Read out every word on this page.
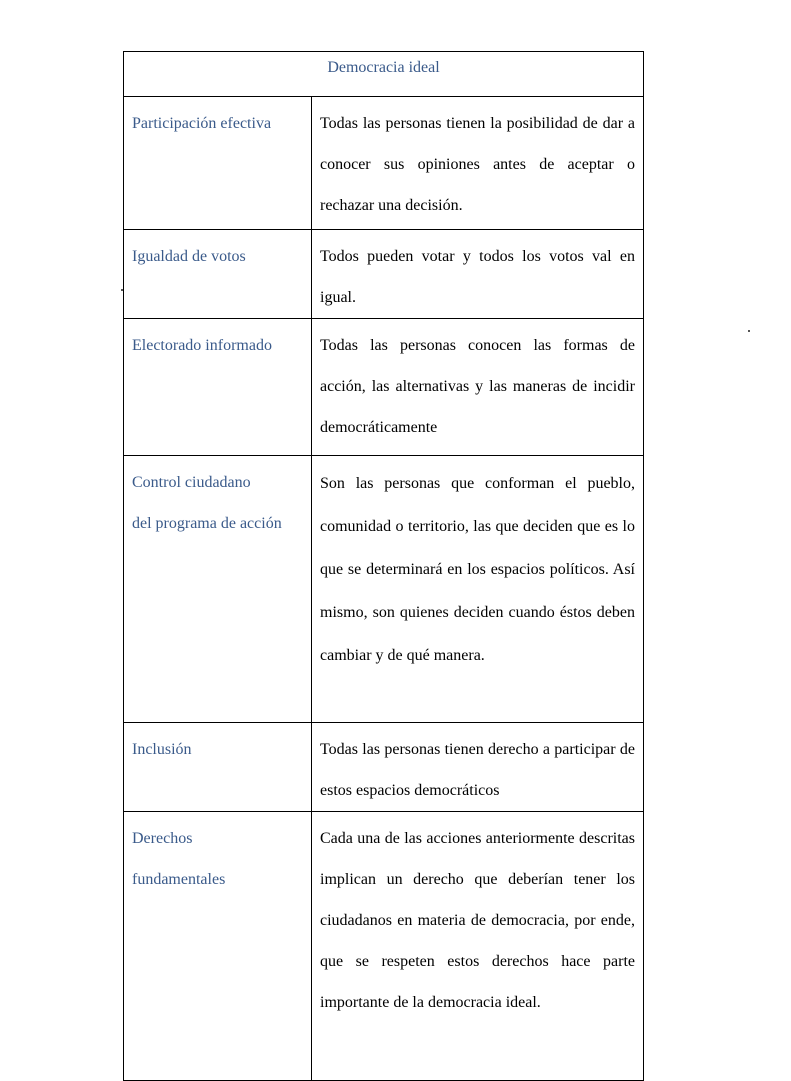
Democracia ideal	
Participación efectiva	Todas las personas tienen la posibilidad de dar a conocer sus opiniones antes de aceptar o rechazar una decisión.
Igualdad de votos	Todos pueden votar y todos los votos val en igual.
Electorado informado	Todas las personas conocen las formas de acción, las alternativas y las maneras de incidir democráticamente

Control ciudadano
del programa de acción	Son las personas que conforman el pueblo, comunidad o territorio, las que deciden que es lo que se determinará en los espacios políticos. Así mismo, son quienes deciden cuando éstos deben cambiar y de qué manera.
Inclusión	Todas las personas tienen derecho a participar de estos espacios democráticos

Derechos
fundamentales	Cada una de las acciones anteriormente descritas implican un derecho que deberían tener los ciudadanos en materia de democracia, por ende, que se respeten estos derechos hace parte importante de la democracia ideal.
